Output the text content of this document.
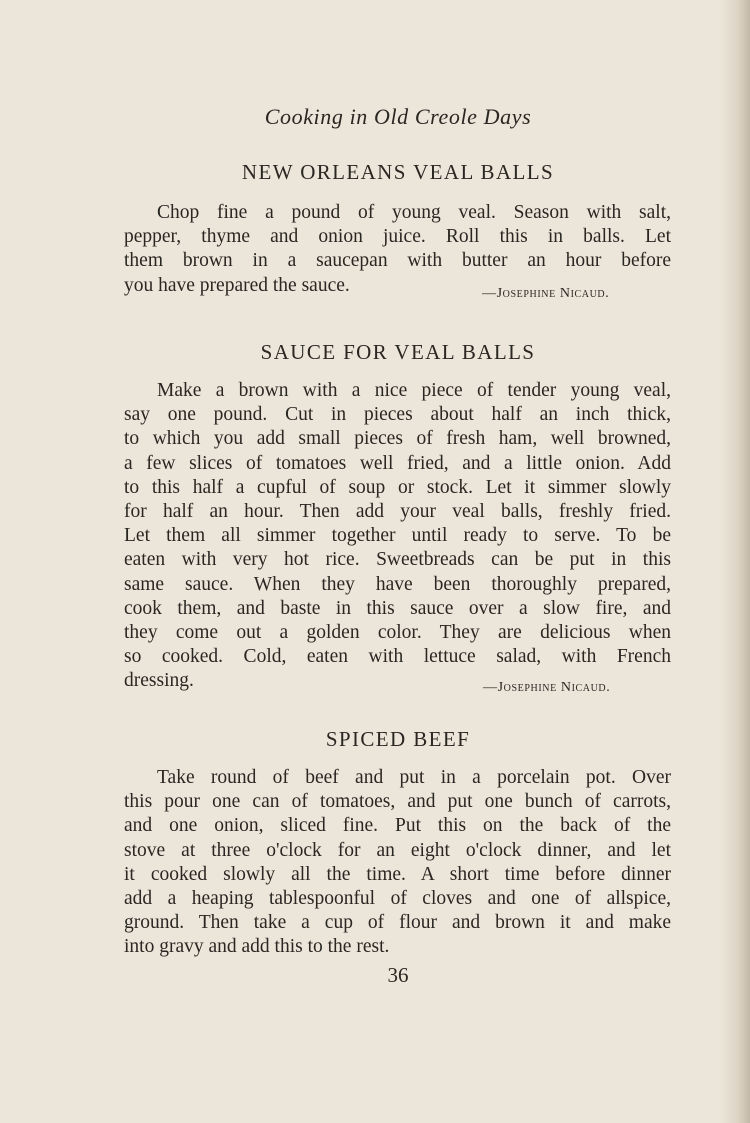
Cooking in Old Creole Days
NEW ORLEANS VEAL BALLS
Chop fine a pound of young veal. Season with salt,
pepper, thyme and onion juice. Roll this in balls. Let
them brown in a saucepan with butter an hour before
you have prepared the sauce.	—Josephine Nicaud.
SAUCE FOR VEAL BALLS
Make a brown with a nice piece of tender young veal,
say one pound. Cut in pieces about half an inch thick,
to which you add small pieces of fresh ham, well browned,
a few slices of tomatoes well fried, and a little onion. Add
to this half a cupful of soup or stock. Let it simmer slowly
for half an hour. Then add your veal balls, freshly fried.
Let them all simmer together until ready to serve. To be
eaten with very hot rice. Sweetbreads can be put in this
same sauce. When they have been thoroughly prepared,
cook them, and baste in this sauce over a slow fire, and
they come out a golden color. They are delicious when
so cooked. Cold, eaten with lettuce salad, with French
dressing.	—Josephine Nicaud.
SPICED BEEF
Take round of beef and put in a porcelain pot. Over
this pour one can of tomatoes, and put one bunch of carrots,
and one onion, sliced fine. Put this on the back of the
stove at three o'clock for an eight o'clock dinner, and let
it cooked slowly all the time. A short time before dinner
add a heaping tablespoonful of cloves and one of allspice,
ground. Then take a cup of flour and brown it and make
into gravy and add this to the rest.
36
